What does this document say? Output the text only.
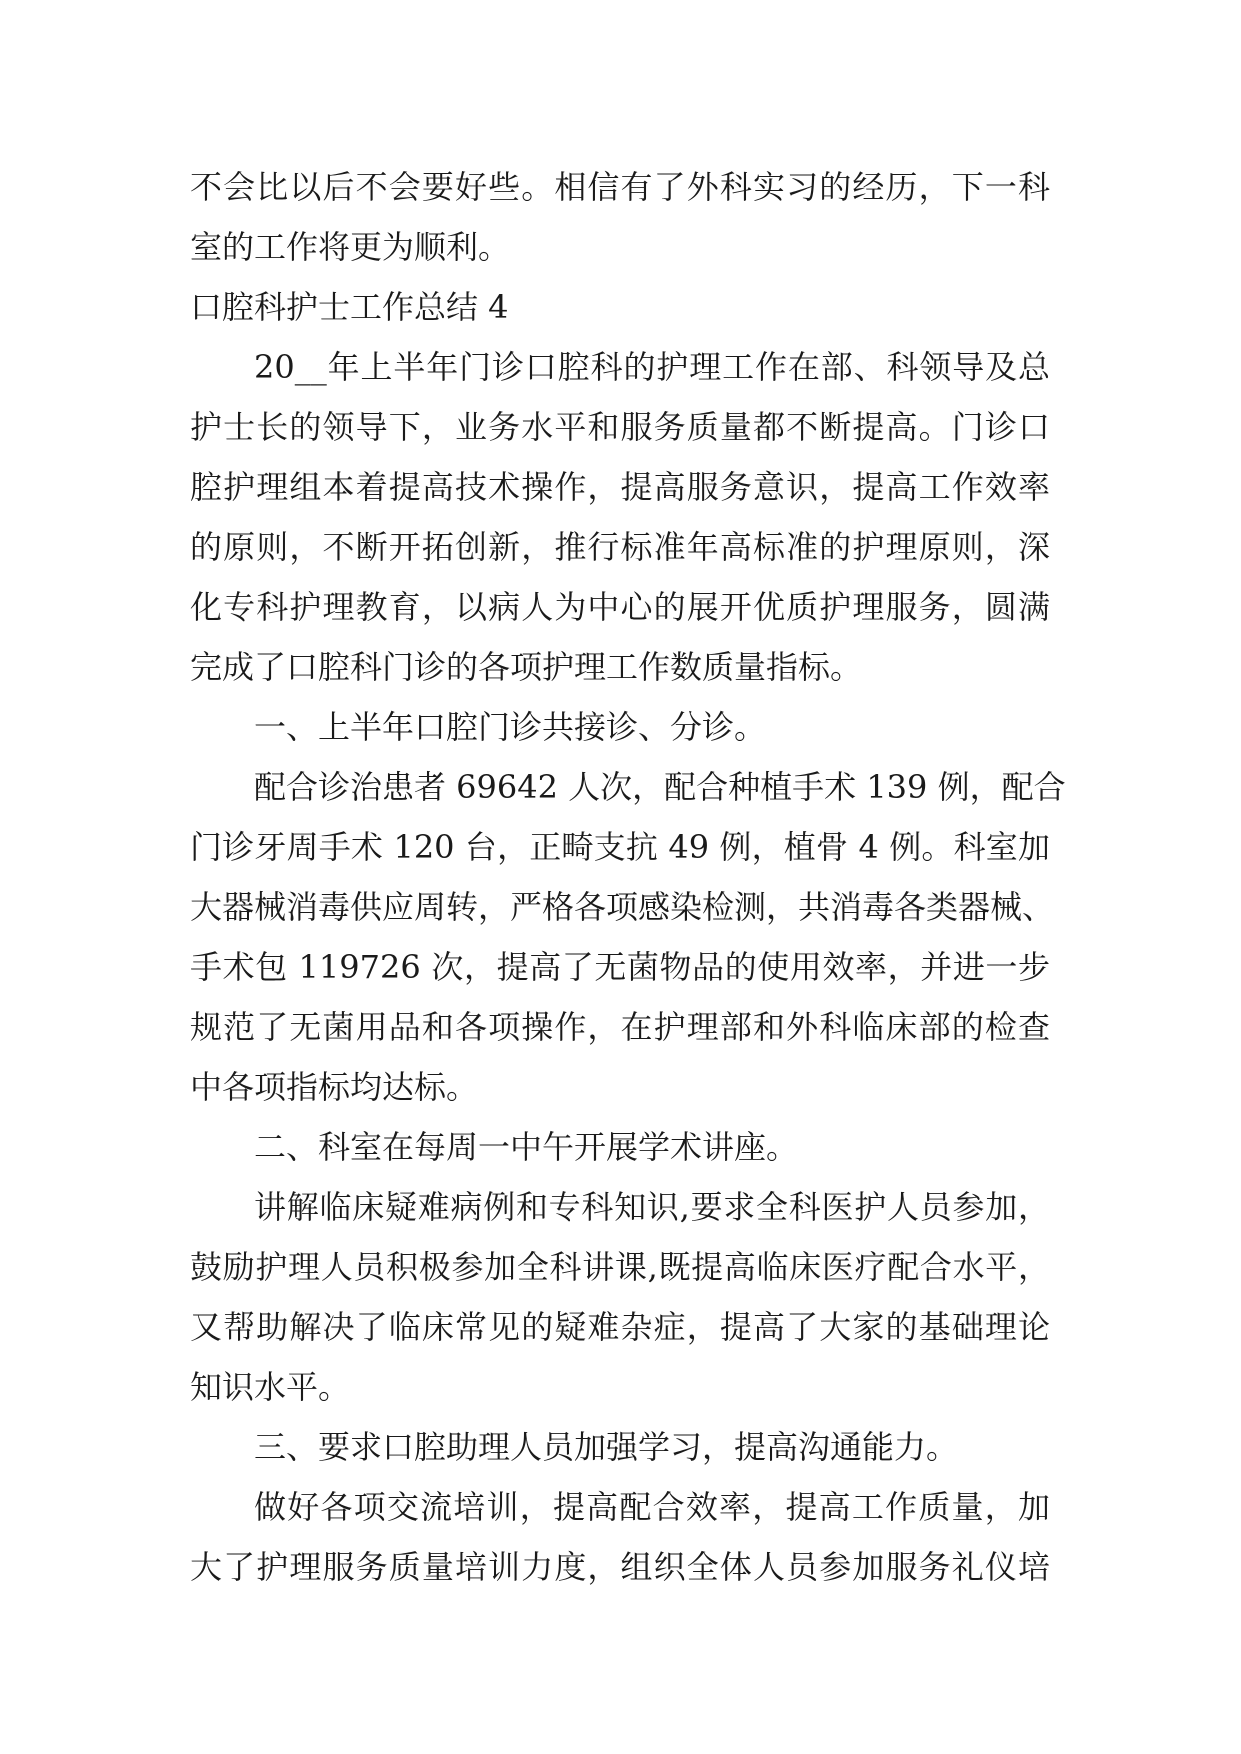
不会比以后不会要好些。相信有了外科实习的经历，下一科
室的工作将更为顺利。
口腔科护士工作总结 4
20__年上半年门诊口腔科的护理工作在部、科领导及总
护士长的领导下，业务水平和服务质量都不断提高。门诊口
腔护理组本着提高技术操作，提高服务意识，提高工作效率
的原则，不断开拓创新，推行标准年高标准的护理原则，深
化专科护理教育，以病人为中心的展开优质护理服务，圆满
完成了口腔科门诊的各项护理工作数质量指标。
一、上半年口腔门诊共接诊、分诊。
配合诊治患者 69642 人次，配合种植手术 139 例，配合
门诊牙周手术 120 台，正畸支抗 49 例，植骨 4 例。科室加
大器械消毒供应周转，严格各项感染检测，共消毒各类器械、
手术包 119726 次，提高了无菌物品的使用效率，并进一步
规范了无菌用品和各项操作，在护理部和外科临床部的检查
中各项指标均达标。
二、科室在每周一中午开展学术讲座。
讲解临床疑难病例和专科知识,要求全科医护人员参加，
鼓励护理人员积极参加全科讲课,既提高临床医疗配合水平，
又帮助解决了临床常见的疑难杂症，提高了大家的基础理论
知识水平。
三、要求口腔助理人员加强学习，提高沟通能力。
做好各项交流培训，提高配合效率，提高工作质量，加
大了护理服务质量培训力度，组织全体人员参加服务礼仪培
